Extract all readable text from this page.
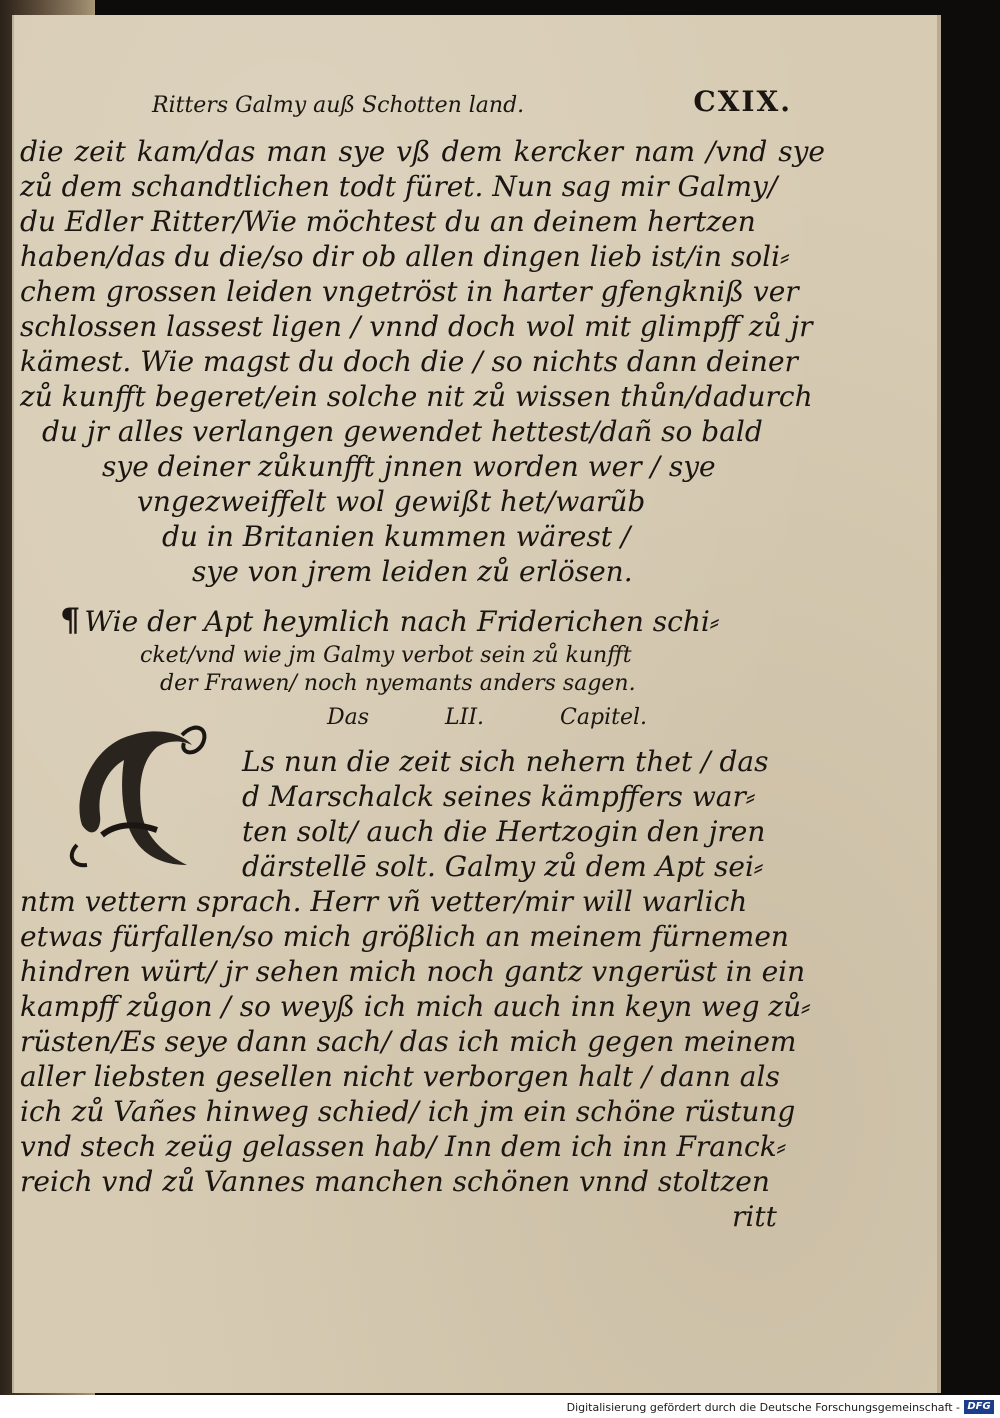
Ritters Galmy auß Schotten land.	CXIX.
die zeit kam/das man sye vß dem kercker nam /vnd sye
zů dem schandtlichen todt füret. Nun sag mir Galmy/
du Edler Ritter/Wie möchtest du an deinem hertzen
haben/das du die/so dir ob allen dingen lieb ist/in soli⸗
chem grossen leiden vngetröst in harter gfengkniß ver
schlossen lassest ligen / vnnd doch wol mit glimpff zů jr
kämest. Wie magst du doch die / so nichts dann deiner
zů kunfft begeret/ein solche nit zů wissen thůn/dadurch
du jr alles verlangen gewendet hettest/dañ so bald
sye deiner zůkunfft jnnen worden wer / sye
vngezweiffelt wol gewißt het/warũb
du in Britanien kummen wärest /
sye von jrem leiden zů erlösen.
¶ Wie der Apt heymlich nach Friderichen schi⸗
cket/vnd wie jm Galmy verbot sein zů kunfft
der Frawen/ noch nyemants anders sagen.
Das	LII.	Capitel.
Ls nun die zeit sich nehern thet / das
d Marschalck seines kämpffers war⸗
ten solt/ auch die Hertzogin den jren
därstellē solt. Galmy zů dem Apt sei⸗
ntm vettern sprach. Herr vñ vetter/mir will warlich
etwas fürfallen/so mich gröβlich an meinem fürnemen
hindren würt/ jr sehen mich noch gantz vngerüst in ein
kampff zůgon / so weyß ich mich auch inn keyn weg zů⸗
rüsten/Es seye dann sach/ das ich mich gegen meinem
aller liebsten gesellen nicht verborgen halt / dann als
ich zů Vañes hinweg schied/ ich jm ein schöne rüstung
vnd stech zeüg gelassen hab/ Inn dem ich inn Franck⸗
reich vnd zů Vannes manchen schönen vnnd stoltzen
ritt
Digitalisierung gefördert durch die Deutsche Forschungsgemeinschaft - DFG
